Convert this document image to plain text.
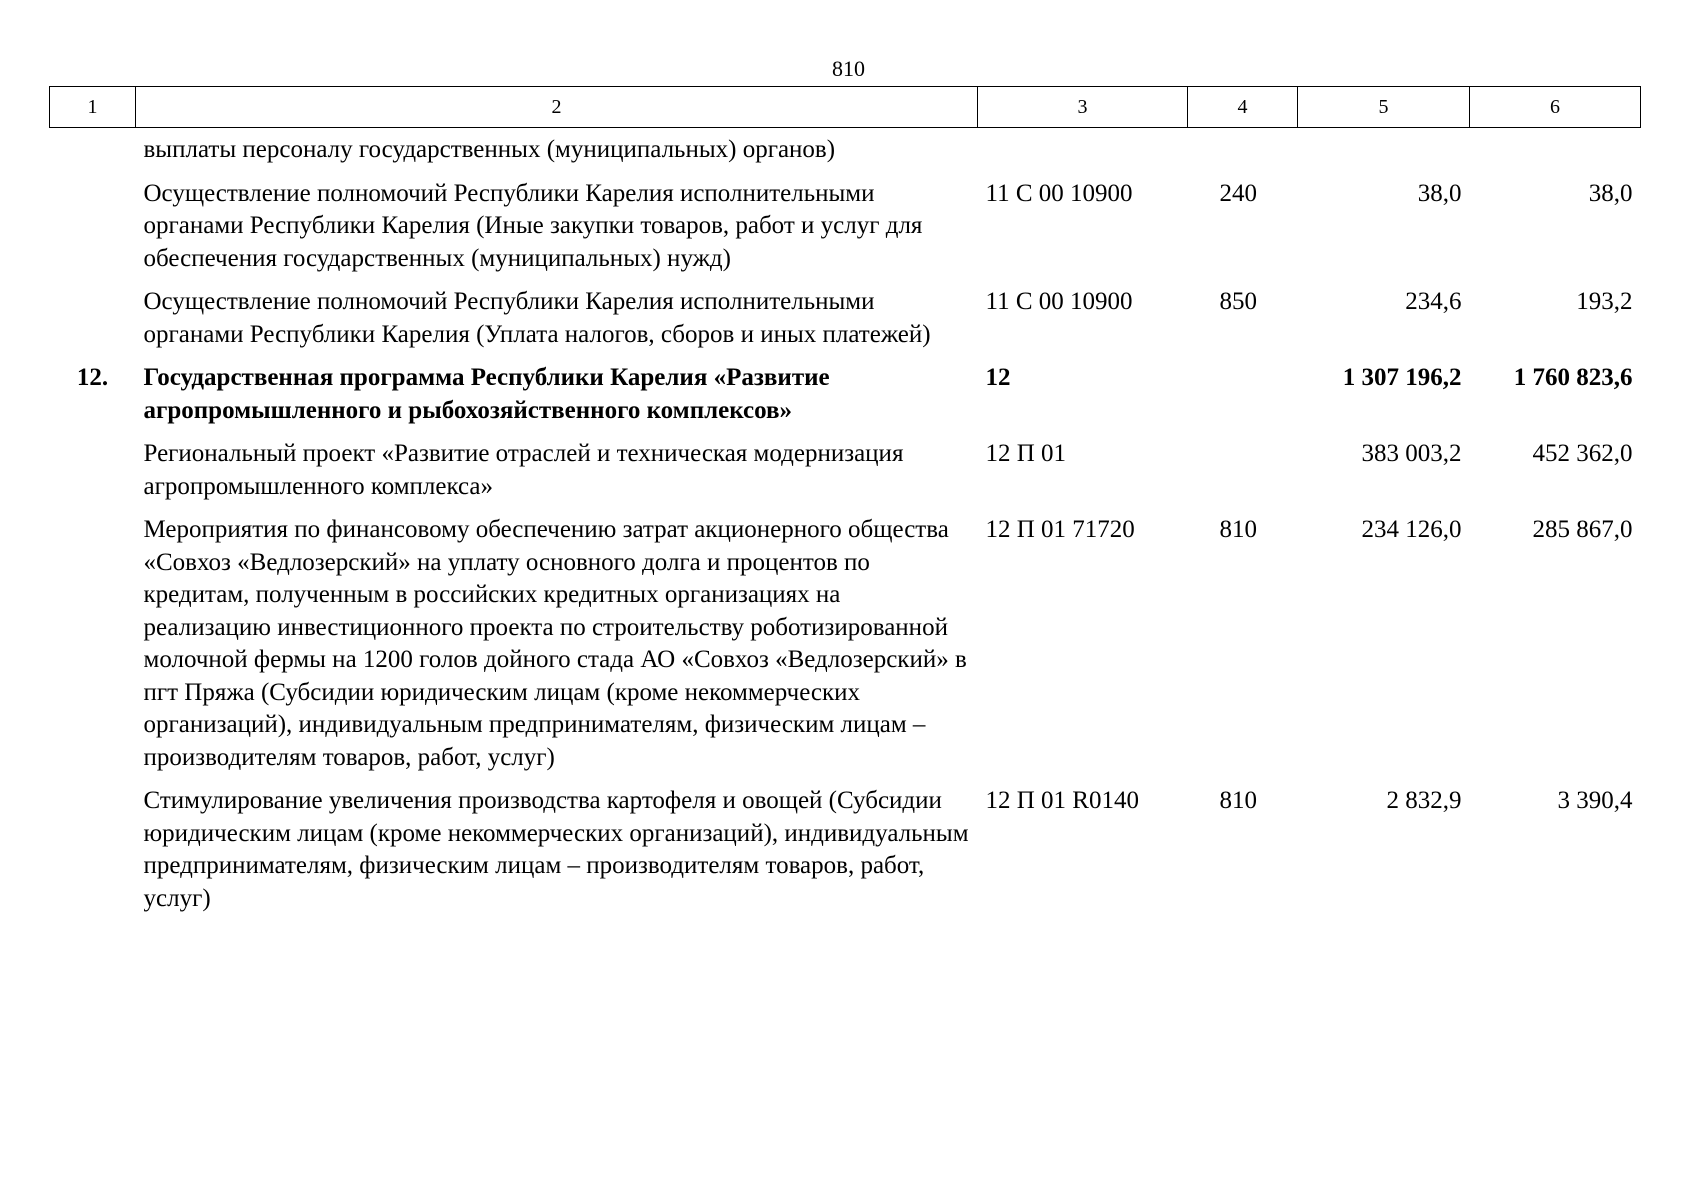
810
1	2	3	4	5	6
	выплаты персоналу государственных (муниципальных) органов)				
	Осуществление полномочий Республики Карелия исполнительными органами Республики Карелия (Иные закупки товаров, работ и услуг для обеспечения государственных (муниципальных) нужд)	11 С 00 10900	240	38,0	38,0
	Осуществление полномочий Республики Карелия исполнительными органами Республики Карелия (Уплата налогов, сборов и иных платежей)	11 С 00 10900	850	234,6	193,2
12.	Государственная программа Республики Карелия «Развитие агропромышленного и рыбохозяйственного комплексов»	12		1 307 196,2	1 760 823,6
	Региональный проект «Развитие отраслей и техническая модернизация агропромышленного комплекса»	12 П 01		383 003,2	452 362,0
	Мероприятия по финансовому обеспечению затрат акционерного общества «Совхоз «Ведлозерский» на уплату основного долга и процентов по кредитам, полученным в российских кредитных организациях на реализацию инвестиционного проекта по строительству роботизированной молочной фермы на 1200 голов дойного стада АО «Совхоз «Ведлозерский» в пгт Пряжа (Субсидии юридическим лицам (кроме некоммерческих организаций), индивидуальным предпринимателям, физическим лицам – производителям товаров, работ, услуг)	12 П 01 71720	810	234 126,0	285 867,0
	Стимулирование увеличения производства картофеля и овощей (Субсидии юридическим лицам (кроме некоммерческих организаций), индивидуальным предпринимателям, физическим лицам – производителям товаров, работ, услуг)	12 П 01 R0140	810	2 832,9	3 390,4
